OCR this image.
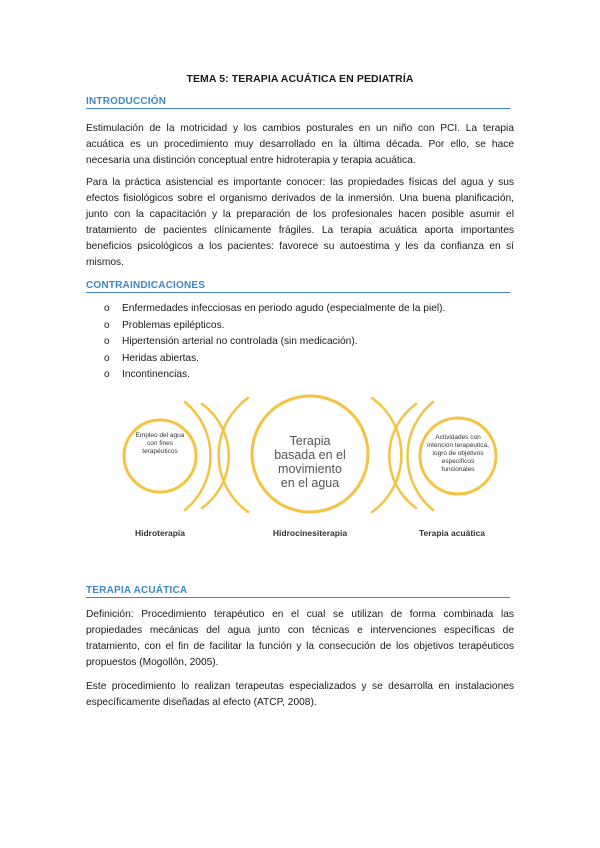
TEMA 5: TERAPIA ACUÁTICA EN PEDIATRÍA
INTRODUCCIÓN

Estimulación de la motricidad y los cambios posturales en un niño con PCI. La terapia acuática es un procedimiento muy desarrollado en la última década. Por ello, se hace necesaria una distinción conceptual entre hidroterapia y terapia acuática.

Para la práctica asistencial es importante conocer: las propiedades físicas del agua y sus efectos fisiológicos sobre el organismo derivados de la inmersión. Una buena planificación, junto con la capacitación y la preparación de los profesionales hacen posible asumir el tratamiento de pacientes clínicamente frágiles. La terapia acuática aporta importantes beneficios psicológicos a los pacientes: favorece su autoestima y les da confianza en sí mismos.

CONTRAINDICACIONES
o Enfermedades infecciosas en periodo agudo (especialmente de la piel).
o Problemas epilépticos.
o Hipertensión arterial no controlada (sin medicación).
o Heridas abiertas.
o Incontinencias.
Empleo del agua con fines terapéuticos
Terapia basada en el movimiento en el agua
Actividades con intención terapéutica, logro de objetivos específicos funcionales
Hidroterapia	Hidrocinesiterapia	Terapia acuática
TERAPIA ACUÁTICA

Definición: Procedimiento terapéutico en el cual se utilizan de forma combinada las propiedades mecánicas del agua junto con técnicas e intervenciones específicas de tratamiento, con el fin de facilitar la función y la consecución de los objetivos terapéuticos propuestos (Mogollón, 2005).

Este procedimiento lo realizan terapeutas especializados y se desarrolla en instalaciones específicamente diseñadas al efecto (ATCP, 2008).
